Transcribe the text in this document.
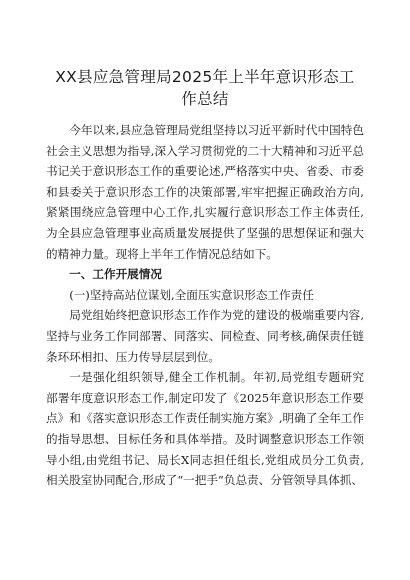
XX县应急管理局2025年上半年意识形态工
作总结

今年以来,县应急管理局党组坚持以习近平新时代中国特色社会主义思想为指导,深入学习贯彻党的二十大精神和习近平总书记关于意识形态工作的重要论述,严格落实中央、省委、市委和县委关于意识形态工作的决策部署,牢牢把握正确政治方向,紧紧围绕应急管理中心工作,扎实履行意识形态工作主体责任,为全县应急管理事业高质量发展提供了坚强的思想保证和强大的精神力量。现将上半年工作情况总结如下。

一、工作开展情况

(一)坚持高站位谋划,全面压实意识形态工作责任

局党组始终把意识形态工作作为党的建设的极端重要内容,坚持与业务工作同部署、同落实、同检查、同考核,确保责任链条环环相扣、压力传导层层到位。

一是强化组织领导,健全工作机制。年初,局党组专题研究部署年度意识形态工作,制定印发了《2025年意识形态工作要点》和《落实意识形态工作责任制实施方案》,明确了全年工作的指导思想、目标任务和具体举措。及时调整意识形态工作领导小组,由党组书记、局长X同志担任组长,党组成员分工负责,相关股室协同配合,形成了“一把手”负总责、分管领导具体抓、
